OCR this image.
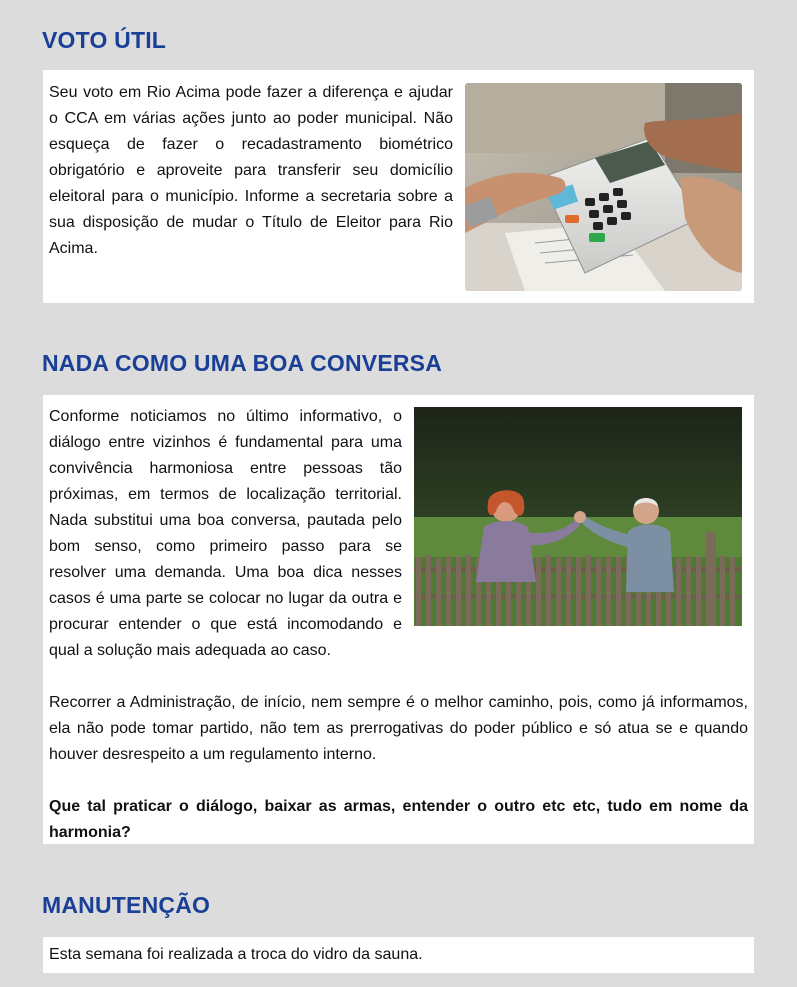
VOTO ÚTIL

Seu voto em Rio Acima pode fazer a diferença e ajudar o CCA em várias ações junto ao poder municipal. Não esqueça de fazer o recadastramento biométrico obrigatório e aproveite para transferir seu domicílio eleitoral para o município. Informe a secretaria sobre a sua disposição de mudar o Título de Eleitor para Rio Acima.

NADA COMO UMA BOA CONVERSA

Conforme noticiamos no último informativo, o diálogo entre vizinhos é fundamental para uma convivência harmoniosa entre pessoas tão próximas, em termos de localização territorial. Nada substitui uma boa conversa, pautada pelo bom senso, como primeiro passo para se resolver uma demanda. Uma boa dica nesses casos é uma parte se colocar no lugar da outra e procurar entender o que está incomodando e qual a solução mais adequada ao caso.

Recorrer a Administração, de início, nem sempre é o melhor caminho, pois, como já informamos, ela não pode tomar partido, não tem as prerrogativas do poder público e só atua se e quando houver desrespeito a um regulamento interno.

Que tal praticar o diálogo, baixar as armas, entender o outro etc etc, tudo em nome da harmonia?

MANUTENÇÃO

Esta semana foi realizada a troca do vidro da sauna.
